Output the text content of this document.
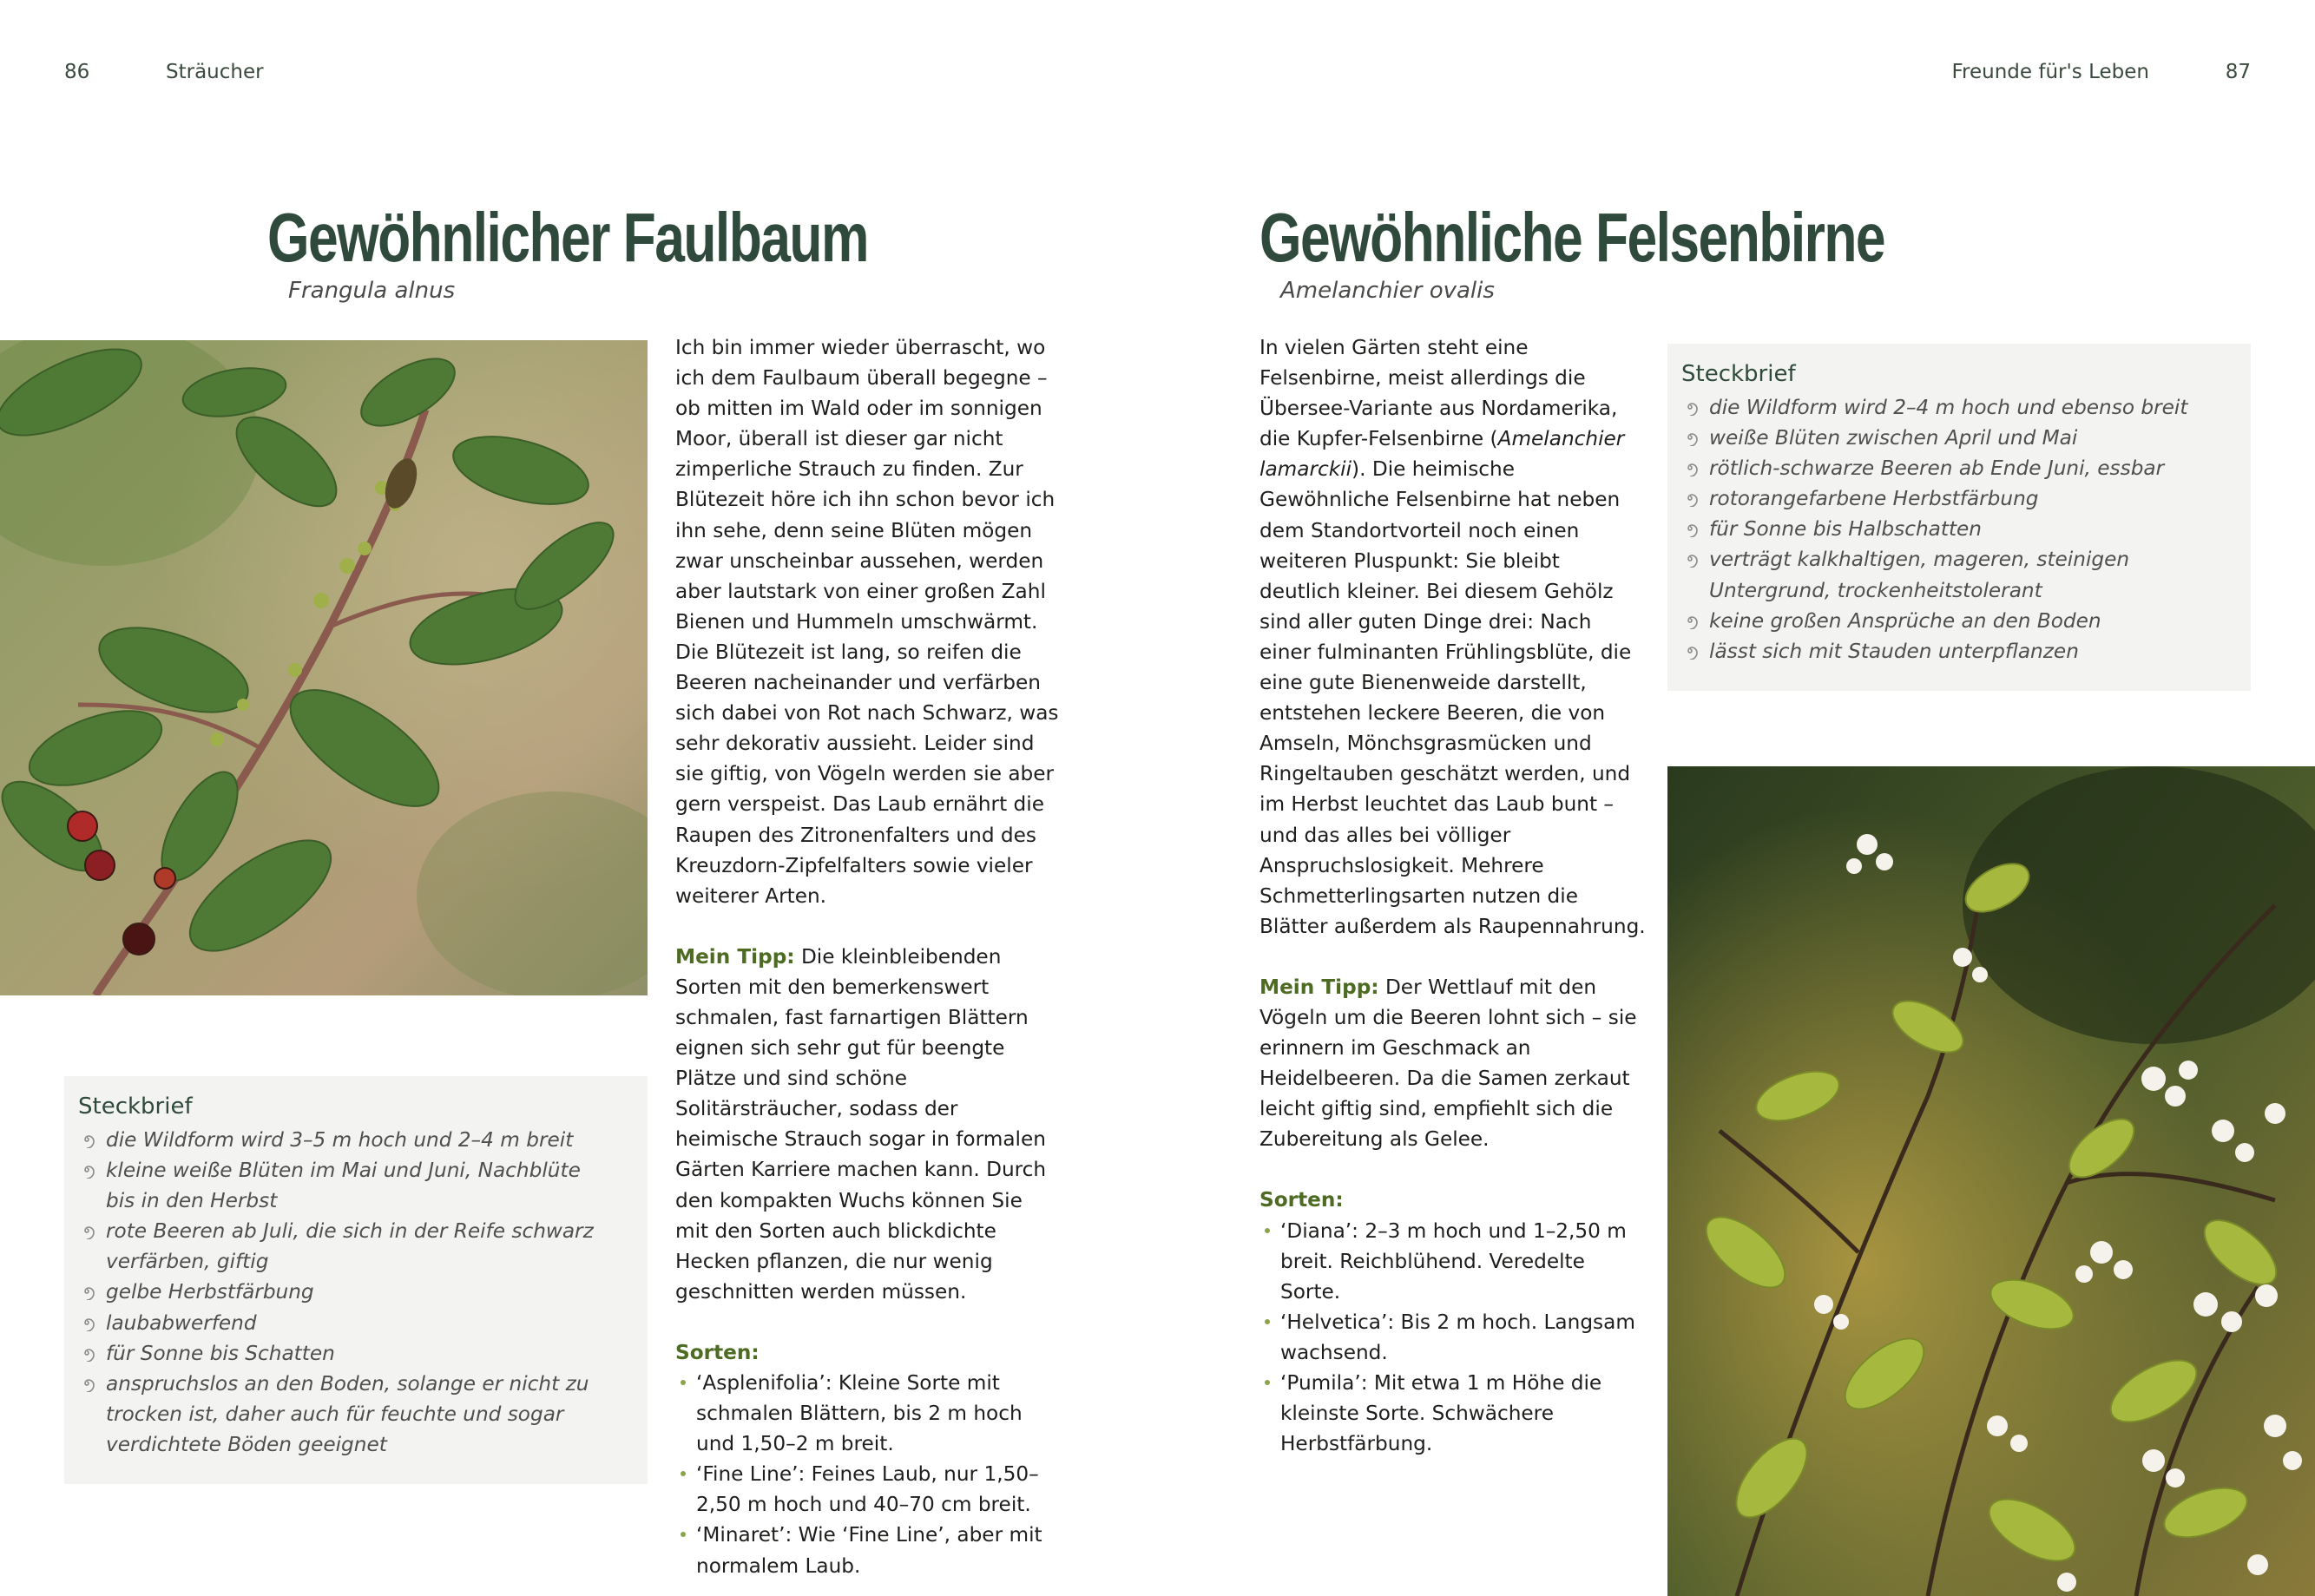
86	Sträucher	Freunde für's Leben	87
Gewöhnlicher Faulbaum
Frangula alnus

Ich bin immer wieder überrascht, wo ich dem Faulbaum überall begegne – ob mitten im Wald oder im sonnigen Moor, überall ist dieser gar nicht zimperliche Strauch zu finden. Zur Blütezeit höre ich ihn schon bevor ich ihn sehe, denn seine Blüten mögen zwar unscheinbar aussehen, werden aber lautstark von einer großen Zahl Bienen und Hummeln umschwärmt. Die Blütezeit ist lang, so reifen die Beeren nacheinander und verfärben sich dabei von Rot nach Schwarz, was sehr dekorativ aussieht. Leider sind sie giftig, von Vögeln werden sie aber gern verspeist. Das Laub ernährt die Raupen des Zitronenfalters und des Kreuzdorn-Zipfelfalters sowie vieler weiterer Arten.

Mein Tipp: Die kleinbleibenden Sorten mit den bemerkenswert schmalen, fast farnartigen Blättern eignen sich sehr gut für beengte Plätze und sind schöne Solitärsträucher, sodass der heimische Strauch sogar in formalen Gärten Karriere machen kann. Durch den kompakten Wuchs können Sie mit den Sorten auch blickdichte Hecken pflanzen, die nur wenig geschnitten werden müssen.

Sorten:

‘Asplenifolia’: Kleine Sorte mit schmalen Blättern, bis 2 m hoch und 1,50–2 m breit.
‘Fine Line’: Feines Laub, nur 1,50–2,50 m hoch und 40–70 cm breit.
‘Minaret’: Wie ‘Fine Line’, aber mit normalem Laub.
Steckbrief
die Wildform wird 3–5 m hoch und 2–4 m breit
kleine weiße Blüten im Mai und Juni, Nachblüte bis in den Herbst
rote Beeren ab Juli, die sich in der Reife schwarz verfärben, giftig
gelbe Herbstfärbung
laubabwerfend
für Sonne bis Schatten
anspruchslos an den Boden, solange er nicht zu trocken ist, daher auch für feuchte und sogar verdichtete Böden geeignet
Gewöhnliche Felsenbirne
Amelanchier ovalis

In vielen Gärten steht eine Felsenbirne, meist allerdings die Übersee-Variante aus Nordamerika, die Kupfer-Felsenbirne (Amelanchier lamarckii). Die heimische Gewöhnliche Felsenbirne hat neben dem Standortvorteil noch einen weiteren Pluspunkt: Sie bleibt deutlich kleiner. Bei diesem Gehölz sind aller guten Dinge drei: Nach einer fulminanten Frühlingsblüte, die eine gute Bienenweide darstellt, entstehen leckere Beeren, die von Amseln, Mönchsgrasmücken und Ringeltauben geschätzt werden, und im Herbst leuchtet das Laub bunt – und das alles bei völliger Anspruchslosigkeit. Mehrere Schmetterlingsarten nutzen die Blätter außerdem als Raupennahrung.

Mein Tipp: Der Wettlauf mit den Vögeln um die Beeren lohnt sich – sie erinnern im Geschmack an Heidelbeeren. Da die Samen zerkaut leicht giftig sind, empfiehlt sich die Zubereitung als Gelee.

Sorten:

‘Diana’: 2–3 m hoch und 1–2,50 m breit. Reichblühend. Veredelte Sorte.
‘Helvetica’: Bis 2 m hoch. Langsam wachsend.
‘Pumila’: Mit etwa 1 m Höhe die kleinste Sorte. Schwächere Herbstfärbung.
Steckbrief
die Wildform wird 2–4 m hoch und ebenso breit
weiße Blüten zwischen April und Mai
rötlich-schwarze Beeren ab Ende Juni, essbar
rotorangefarbene Herbstfärbung
für Sonne bis Halbschatten
verträgt kalkhaltigen, mageren, steinigen Untergrund, trockenheitstolerant
keine großen Ansprüche an den Boden
lässt sich mit Stauden unterpflanzen
